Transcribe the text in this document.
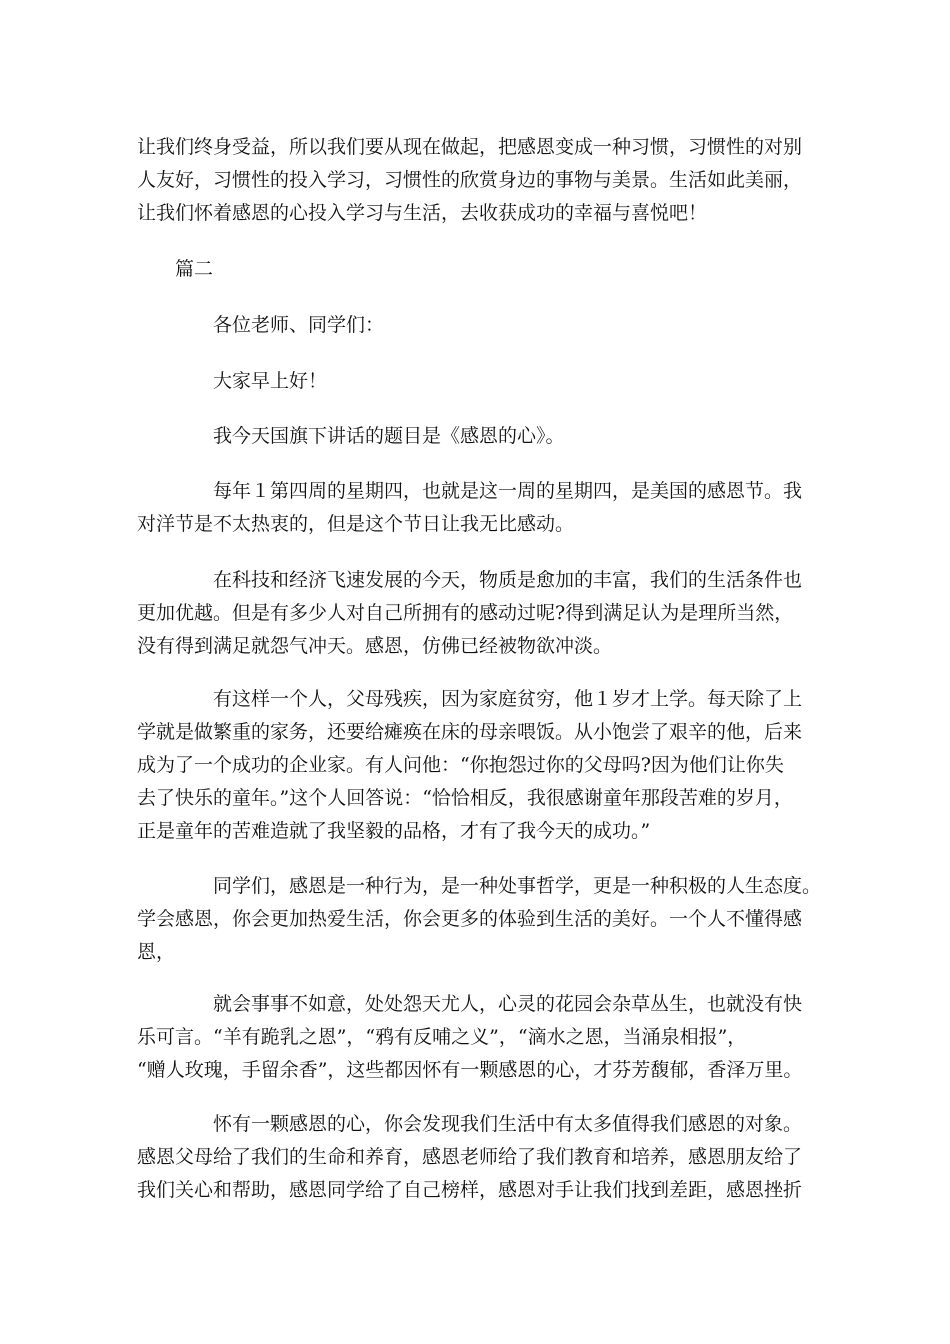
让我们终身受益，所以我们要从现在做起，把感恩变成一种习惯，习惯性的对别
人友好，习惯性的投入学习，习惯性的欣赏身边的事物与美景。生活如此美丽，
让我们怀着感恩的心投入学习与生活，去收获成功的幸福与喜悦吧！

篇二

各位老师、同学们：

大家早上好！

我今天国旗下讲话的题目是《感恩的心》。

每年１第四周的星期四，也就是这一周的星期四，是美国的感恩节。我
对洋节是不太热衷的，但是这个节日让我无比感动。

在科技和经济飞速发展的今天，物质是愈加的丰富，我们的生活条件也
更加优越。但是有多少人对自己所拥有的感动过呢?得到满足认为是理所当然，
没有得到满足就怨气冲天。感恩，仿佛已经被物欲冲淡。

有这样一个人，父母残疾，因为家庭贫穷，他１岁才上学。每天除了上
学就是做繁重的家务，还要给瘫痪在床的母亲喂饭。从小饱尝了艰辛的他，后来
成为了一个成功的企业家。有人问他：“你抱怨过你的父母吗?因为他们让你失
去了快乐的童年。”这个人回答说：“恰恰相反，我很感谢童年那段苦难的岁月，
正是童年的苦难造就了我坚毅的品格，才有了我今天的成功。”

同学们，感恩是一种行为，是一种处事哲学，更是一种积极的人生态度。
学会感恩，你会更加热爱生活，你会更多的体验到生活的美好。一个人不懂得感
恩，

就会事事不如意，处处怨天尤人，心灵的花园会杂草丛生，也就没有快
乐可言。“羊有跪乳之恩”，“鸦有反哺之义”，“滴水之恩，当涌泉相报”，
“赠人玫瑰，手留余香”，这些都因怀有一颗感恩的心，才芬芳馥郁，香泽万里。

怀有一颗感恩的心，你会发现我们生活中有太多值得我们感恩的对象。
感恩父母给了我们的生命和养育，感恩老师给了我们教育和培养，感恩朋友给了
我们关心和帮助，感恩同学给了自己榜样，感恩对手让我们找到差距，感恩挫折
